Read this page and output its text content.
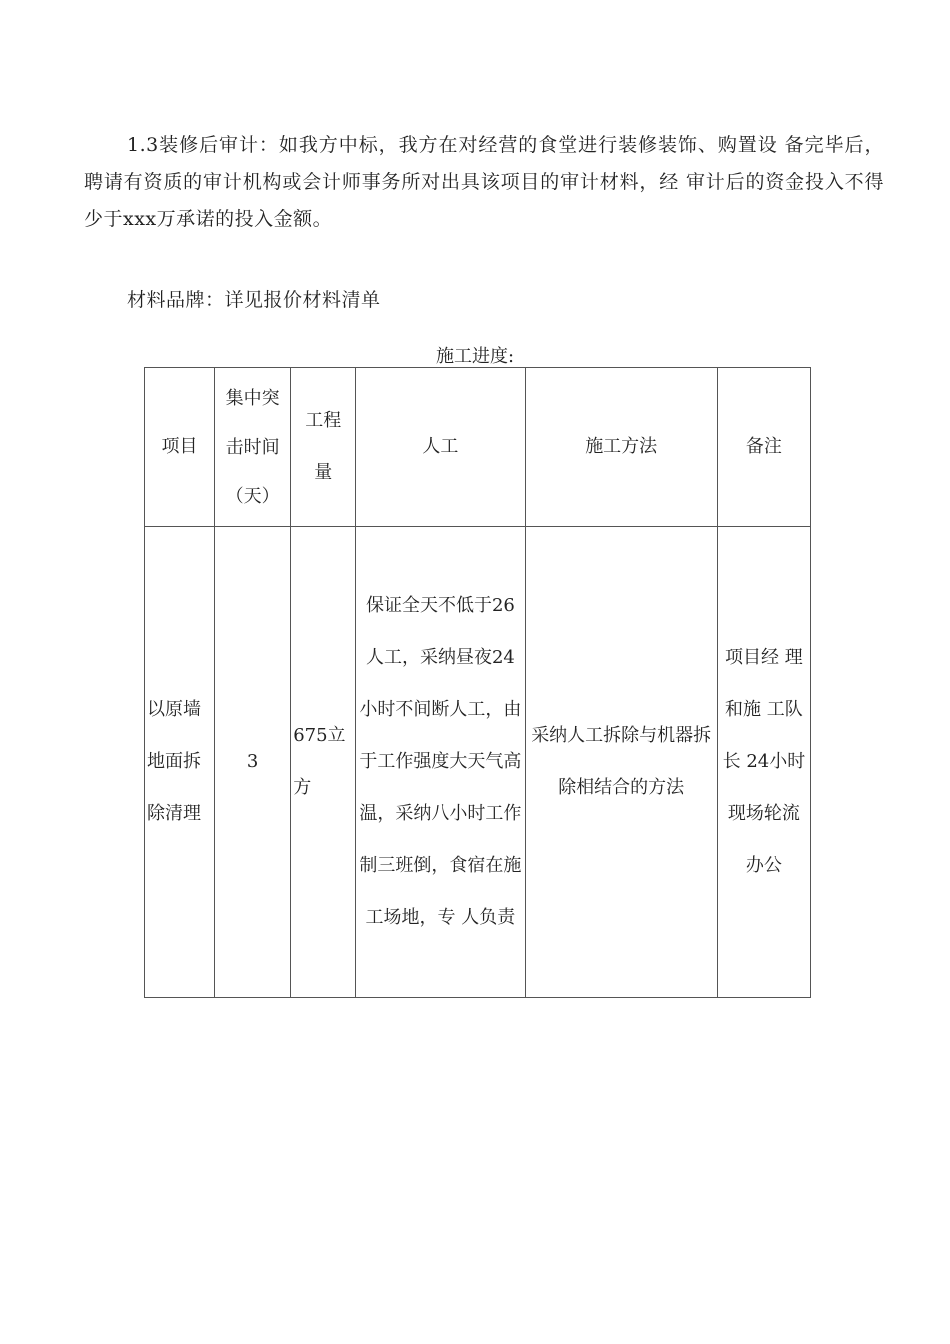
1.3装修后审计：如我方中标，我方在对经营的食堂进行装修装饰、购置设 备完毕后，聘请有资质的审计机构或会计师事务所对出具该项目的审计材料，经 审计后的资金投入不得少于xxx万承诺的投入金额。

材料品牌：详见报价材料清单

施工进度:
项目	集中突击时间（天）	工程量	人工	施工方法	备注

以原墙地面拆除清理	3	675立方	保证全天不低于26人工，采纳昼夜24小时不间断人工，由于工作强度大天气高温，采纳八小时工作制三班倒，食宿在施工场地，专 人负责	采纳人工拆除与机器拆除相结合的方法	项目经 理和施 工队长 24小时 现场轮流办公
